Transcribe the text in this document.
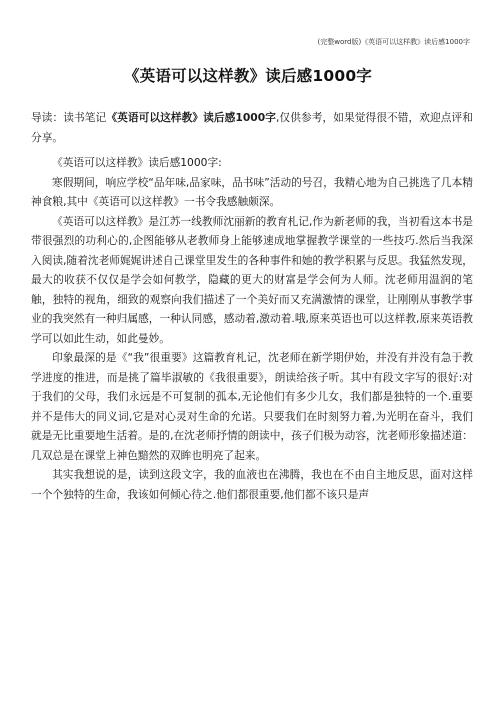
(完整word版)《英语可以这样教》读后感1000字
《英语可以这样教》读后感1000字

导读：读书笔记《英语可以这样教》读后感1000字,仅供参考，如果觉得很不错，欢迎点评和分享。

《英语可以这样教》读后感1000字:

寒假期间，响应学校“品年味,品家味，品书味”活动的号召，我精心地为自己挑选了几本精神食粮,其中《英语可以这样教》一书令我感触颇深。

《英语可以这样教》是江苏一线教师沈丽新的教育札记,作为新老师的我，当初看这本书是带很强烈的功利心的,企图能够从老教师身上能够速成地掌握教学课堂的一些技巧.然后当我深入阅读,随着沈老师娓娓讲述自己课堂里发生的各种事件和她的教学积累与反思。我猛然发现，最大的收获不仅仅是学会如何教学，隐藏的更大的财富是学会何为人师。沈老师用温润的笔触，独特的视角，细致的观察向我们描述了一个美好而又充满激情的课堂，让刚刚从事教学事业的我突然有一种归属感，一种认同感，感动着,激动着.哦,原来英语也可以这样教,原来英语教学可以如此生动，如此曼妙。

印象最深的是《“我”很重要》这篇教育札记，沈老师在新学期伊始，并没有并没有急于教学进度的推进，而是挑了篇毕淑敏的《我很重要》，朗读给孩子听。其中有段文字写的很好:对于我们的父母，我们永远是不可复制的孤本,无论他们有多少儿女，我们都是独特的一个.重要并不是伟大的同义词,它是对心灵对生命的允诺。只要我们在时刻努力着,为光明在奋斗，我们就是无比重要地生活着。是的,在沈老师抒情的朗读中，孩子们极为动容，沈老师形象描述道：几双总是在课堂上神色黯然的双眸也明亮了起来。

其实我想说的是，读到这段文字，我的血液也在沸腾，我也在不由自主地反思，面对这样一个个独特的生命，我该如何倾心待之.他们都很重要,他们都不该只是声
